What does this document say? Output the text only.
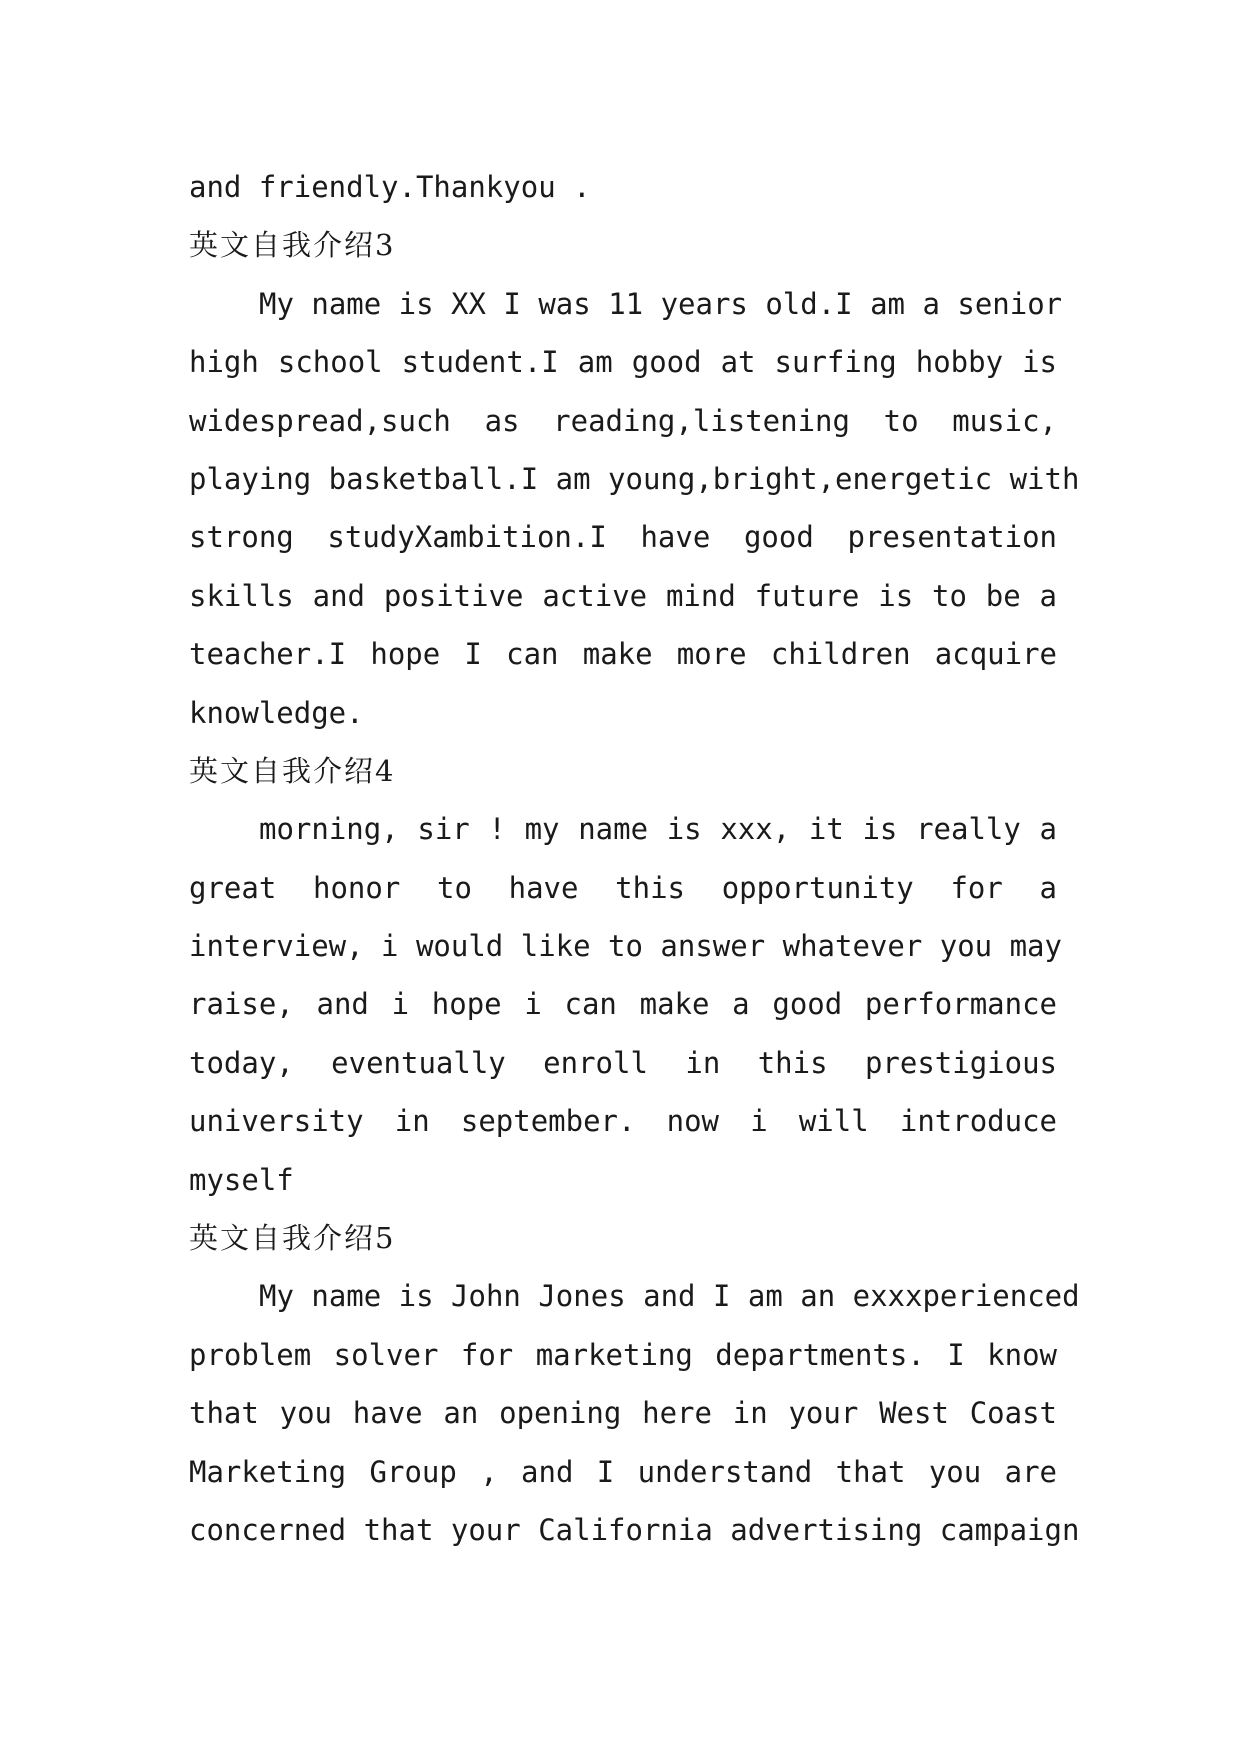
and friendly.Thankyou .
英文自我介绍3
My name is XX I was 11 years old.I am a senior
high school student.I am good at surfing hobby is
widespread,such as reading,listening to music,
playing basketball.I am young,bright,energetic with
strong studyXambition.I have good presentation
skills and positive active mind future is to be a
teacher.I hope I can make more children acquire
knowledge.
英文自我介绍4
morning, sir ! my name is xxx, it is really a
great honor to have this opportunity for a
interview, i would like to answer whatever you may
raise, and i hope i can make a good performance
today, eventually enroll in this prestigious
university in september. now i will introduce
myself
英文自我介绍5
My name is John Jones and I am an exxxperienced
problem solver for marketing departments. I know
that you have an opening here in your West Coast
Marketing Group , and I understand that you are
concerned that your California advertising campaign
